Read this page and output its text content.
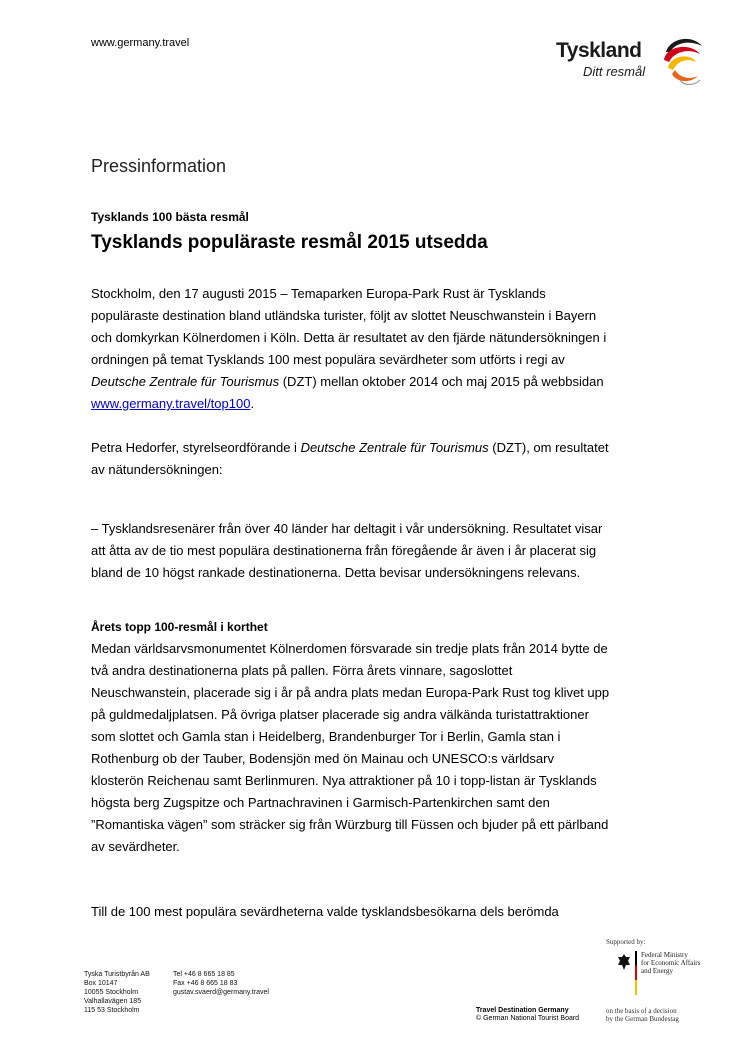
www.germany.travel	Tyskland
Ditt resmål
Pressinformation
Tysklands 100 bästa resmål
Tysklands populäraste resmål 2015 utsedda
Stockholm, den 17 augusti 2015 – Temaparken Europa-Park Rust är Tysklands
populäraste destination bland utländska turister, följt av slottet Neuschwanstein i Bayern
och domkyrkan Kölnerdomen i Köln. Detta är resultatet av den fjärde nätundersökningen i
ordningen på temat Tysklands 100 mest populära sevärdheter som utförts i regi av
Deutsche Zentrale für Tourismus (DZT) mellan oktober 2014 och maj 2015 på webbsidan
www.germany.travel/top100.
Petra Hedorfer, styrelseordförande i Deutsche Zentrale für Tourismus (DZT), om resultatet
av nätundersökningen:
– Tysklandsresenärer från över 40 länder har deltagit i vår undersökning. Resultatet visar
att åtta av de tio mest populära destinationerna från föregående år även i år placerat sig
bland de 10 högst rankade destinationerna. Detta bevisar undersökningens relevans.
Årets topp 100-resmål i korthet
Medan världsarvsmonumentet Kölnerdomen försvarade sin tredje plats från 2014 bytte de
två andra destinationerna plats på pallen. Förra årets vinnare, sagoslottet
Neuschwanstein, placerade sig i år på andra plats medan Europa-Park Rust tog klivet upp
på guldmedaljplatsen. På övriga platser placerade sig andra välkända turistattraktioner
som slottet och Gamla stan i Heidelberg, Brandenburger Tor i Berlin, Gamla stan i
Rothenburg ob der Tauber, Bodensjön med ön Mainau och UNESCO:s världsarv
klosterön Reichenau samt Berlinmuren. Nya attraktioner på 10 i topp-listan är Tysklands
högsta berg Zugspitze och Partnachravinen i Garmisch-Partenkirchen samt den
”Romantiska vägen” som sträcker sig från Würzburg till Füssen och bjuder på ett pärlband
av sevärdheter.
Till de 100 mest populära sevärdheterna valde tysklandsbesökarna dels berömda
Tyska Turistbyrån AB
Box 10147
10055 Stockholm
Valhallavägen 185
115 53 Stockholm
Tel +46 8 665 18 85
Fax +46 8 665 18 83
gustav.svaerd@germany.travel
Supported by:
Federal Ministry
for Economic Affairs
and Energy
Travel Destination Germany
© German National Tourist Board
on the basis of a decision
by the German Bundestag
